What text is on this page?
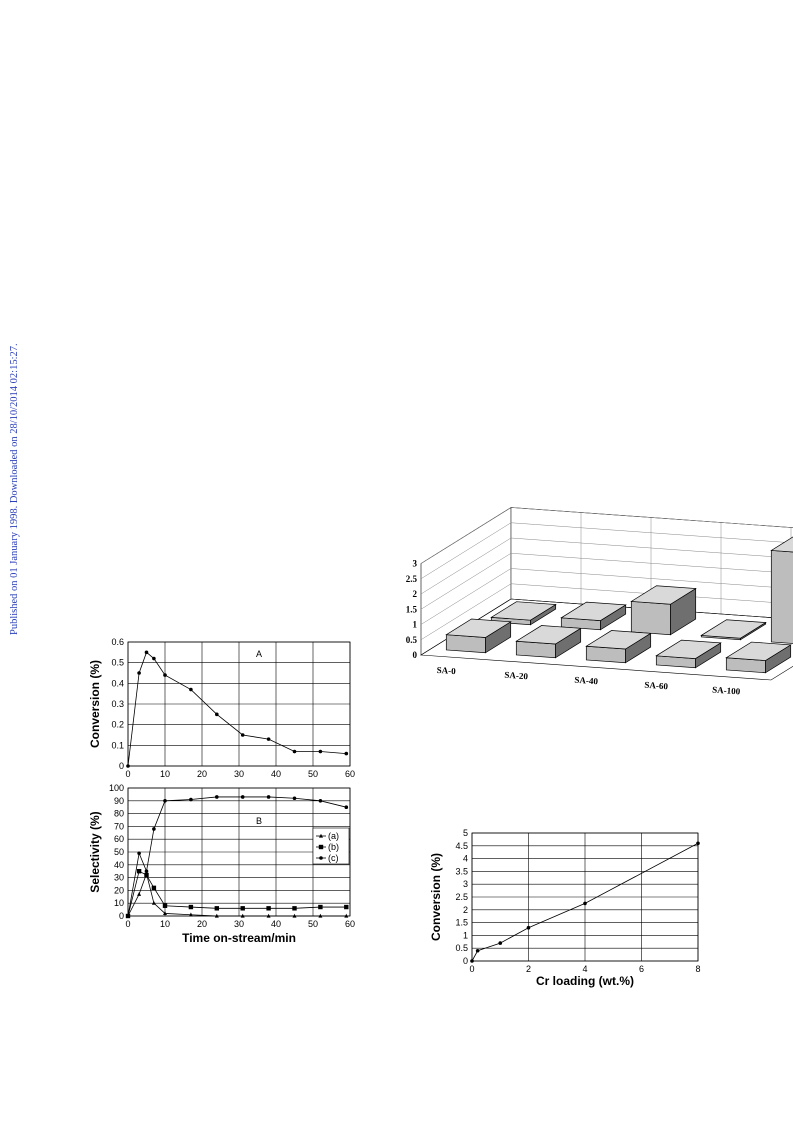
Published on 01 January 1998. Downloaded on 28/10/2014 02:15:27.
0
0.5
1
1.5
2
2.5
3
SA-0	SA-20	SA-40	SA-60	SA-100
0
0.1
0.2
0.3
0.4
0.5
0.6
0	10	20	30	40	50	60
Conversion (%)
A
0
10
20
30
40
50
60
70
80
90
100
0	10	20	30	40	50	60
Selectivity (%)
Time on-stream/min
B
(a)
(b)
(c)
0
0.5
1
1.5
2
2.5
3
3.5
4
4.5
5
0	2	4	6	8
Conversion (%)
Cr loading (wt.%)
